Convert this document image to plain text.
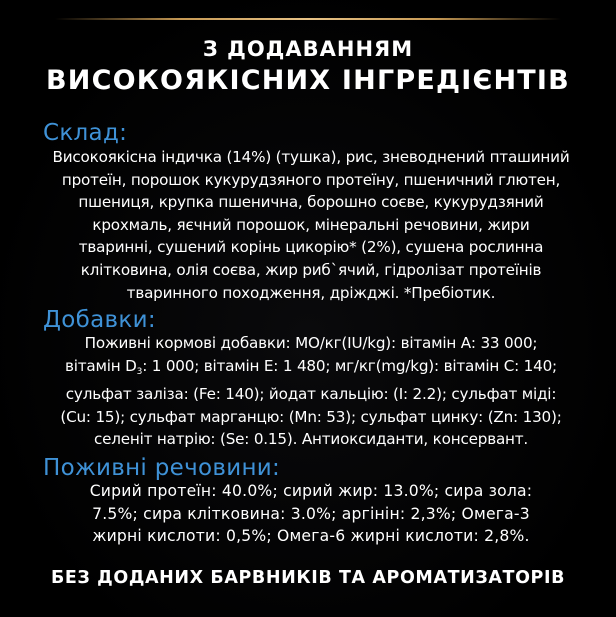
З ДОДАВАННЯМ
ВИСОКОЯКІСНИХ ІНГРЕДІЄНТІВ
Склад:
Високоякісна індичка (14%) (тушка), рис, зневоднений пташиний
протеїн, порошок кукурудзяного протеїну, пшеничний глютен,
пшениця, крупка пшенична, борошно соєве, кукурудзяний
крохмаль, яєчний порошок, мінеральні речовини, жири
тваринні, сушений корінь цикорію* (2%), сушена рослинна
клітковина, олія соєва, жир риб`ячий, гідролізат протеїнів
тваринного походження, дріжджі. *Пребіотик.
Добавки:
Поживні кормові добавки: МО/кг(IU/kg): вітамін А: 33 000;
вітамін $D_3$: 1 000; вітамін Е: 1 480; мг/кг(mg/kg): вітамін С: 140;
сульфат заліза: (Fe: 140); йодат кальцію: (I: 2.2); сульфат міді:
(Cu: 15); сульфат марганцю: (Mn: 53); сульфат цинку: (Zn: 130);
селеніт натрію: (Se: 0.15). Антиоксиданти, консервант.
Поживні речовини:
Сирий протеїн: 40.0%; сирий жир: 13.0%; сира зола:
7.5%; сира клітковина: 3.0%; аргінін: 2,3%; Омега-3
жирні кислоти: 0,5%; Омега-6 жирні кислоти: 2,8%.
БЕЗ ДОДАНИХ БАРВНИКІВ ТА АРОМАТИЗАТОРІВ
